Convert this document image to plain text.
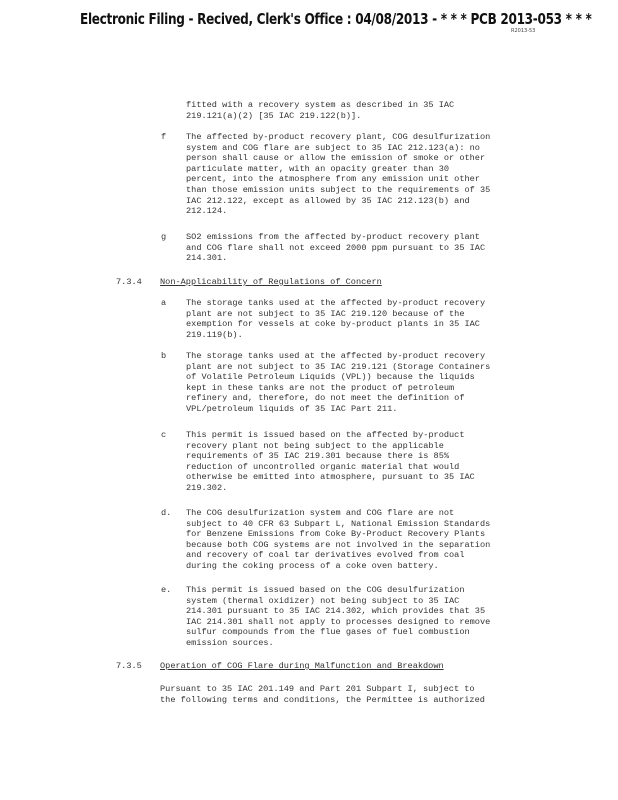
Electronic Filing - Recived, Clerk's Office : 04/08/2013 - * * * PCB 2013-053 * * *
R2013-53
fitted with a recovery system as described in 35 IAC
219.121(a)(2) [35 IAC 219.122(b)].
f The affected by-product recovery plant, COG desulfurization
system and COG flare are subject to 35 IAC 212.123(a): no
person shall cause or allow the emission of smoke or other
particulate matter, with an opacity greater than 30
percent, into the atmosphere from any emission unit other
than those emission units subject to the requirements of 35
IAC 212.122, except as allowed by 35 IAC 212.123(b) and
212.124.
g SO2 emissions from the affected by-product recovery plant
and COG flare shall not exceed 2000 ppm pursuant to 35 IAC
214.301.
7.3.4 Non-Applicability of Regulations of Concern
a The storage tanks used at the affected by-product recovery
plant are not subject to 35 IAC 219.120 because of the
exemption for vessels at coke by-product plants in 35 IAC
219.119(b).
b The storage tanks used at the affected by-product recovery
plant are not subject to 35 IAC 219.121 (Storage Containers
of Volatile Petroleum Liquids (VPL)) because the liquids
kept in these tanks are not the product of petroleum
refinery and, therefore, do not meet the definition of
VPL/petroleum liquids of 35 IAC Part 211.
c This permit is issued based on the affected by-product
recovery plant not being subject to the applicable
requirements of 35 IAC 219.301 because there is 85%
reduction of uncontrolled organic material that would
otherwise be emitted into atmosphere, pursuant to 35 IAC
219.302.
d. The COG desulfurization system and COG flare are not
subject to 40 CFR 63 Subpart L, National Emission Standards
for Benzene Emissions from Coke By-Product Recovery Plants
because both COG systems are not involved in the separation
and recovery of coal tar derivatives evolved from coal
during the coking process of a coke oven battery.
e. This permit is issued based on the COG desulfurization
system (thermal oxidizer) not being subject to 35 IAC
214.301 pursuant to 35 IAC 214.302, which provides that 35
IAC 214.301 shall not apply to processes designed to remove
sulfur compounds from the flue gases of fuel combustion
emission sources.
7.3.5 Operation of COG Flare during Malfunction and Breakdown
Pursuant to 35 IAC 201.149 and Part 201 Subpart I, subject to
the following terms and conditions, the Permittee is authorized
